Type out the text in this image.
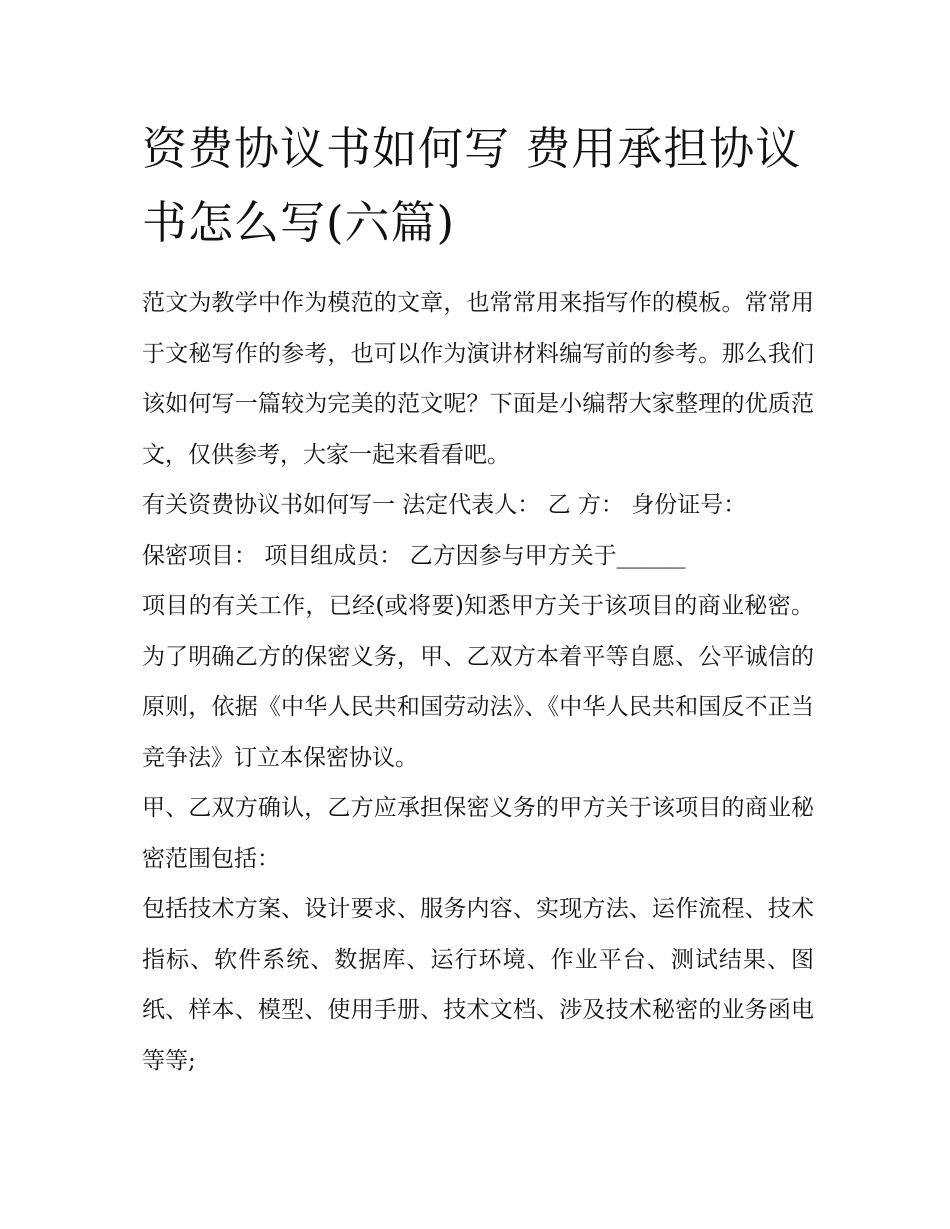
资费协议书如何写 费用承担协议书怎么写(六篇)

范文为教学中作为模范的文章，也常常用来指写作的模板。常常用于文秘写作的参考，也可以作为演讲材料编写前的参考。那么我们该如何写一篇较为完美的范文呢？下面是小编帮大家整理的优质范文，仅供参考，大家一起来看看吧。

有关资费协议书如何写一 法定代表人： 乙 方： 身份证号：

保密项目： 项目组成员： 乙方因参与甲方关于______

项目的有关工作，已经(或将要)知悉甲方关于该项目的商业秘密。为了明确乙方的保密义务，甲、乙双方本着平等自愿、公平诚信的原则，依据《中华人民共和国劳动法》、《中华人民共和国反不正当竞争法》订立本保密协议。

甲、乙双方确认，乙方应承担保密义务的甲方关于该项目的商业秘密范围包括：

包括技术方案、设计要求、服务内容、实现方法、运作流程、技术指标、软件系统、数据库、运行环境、作业平台、测试结果、图纸、样本、模型、使用手册、技术文档、涉及技术秘密的业务函电等等;
